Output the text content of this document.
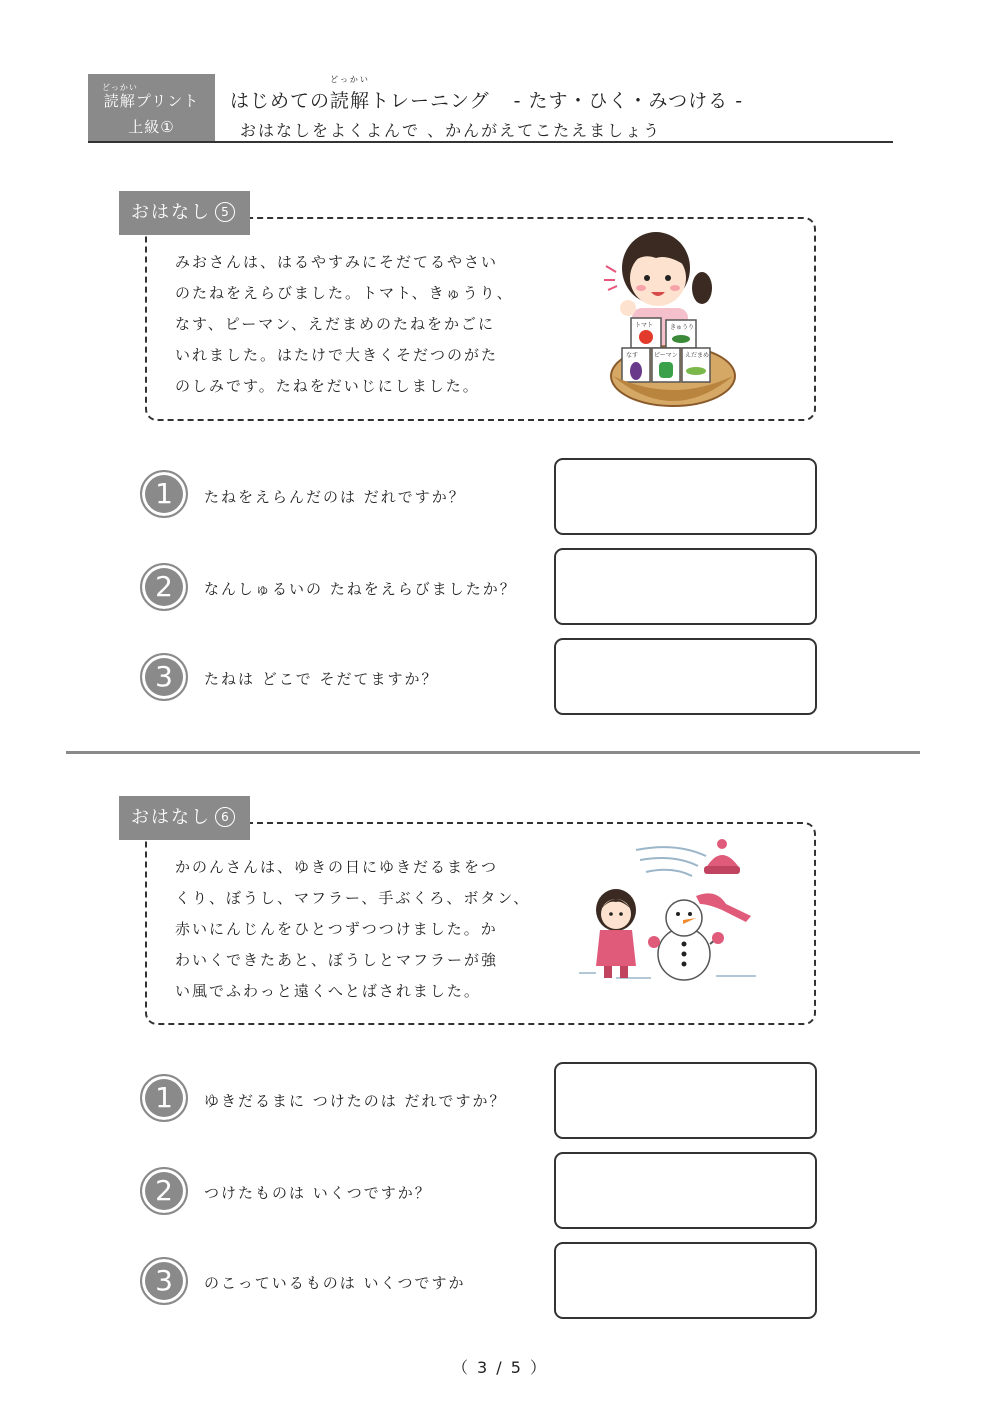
どっかい
読解プリント
上級①
はじめての
どっかい
読解トレーニング - たす・ひく・みつける -
おはなしをよくよんで 、かんがえてこたえましょう
みおさんは、はるやすみにそだてるやさい
のたねをえらびました。トマト、きゅうり、
なす、ピーマン、えだまめのたねをかごに
いれました。はたけで大きくそだつのがた
のしみです。たねをだいじにしました。
おはなし 5
トマト	きゅうり
なす	ピーマン えだまめ
1	たねをえらんだのは だれですか？
2	なんしゅるいの たねをえらびましたか？
3	たねは どこで そだてますか？
かのんさんは、ゆきの日にゆきだるまをつ
くり、ぼうし、マフラー、手ぶくろ、ボタン、
赤いにんじんをひとつずつつけました。か
わいくできたあと、ぼうしとマフラーが強
い風でふわっと遠くへとばされました。
おはなし 6
1	ゆきだるまに つけたのは だれですか？
2	つけたものは いくつですか？
3	のこっているものは いくつですか
（ 3 / 5 ）
